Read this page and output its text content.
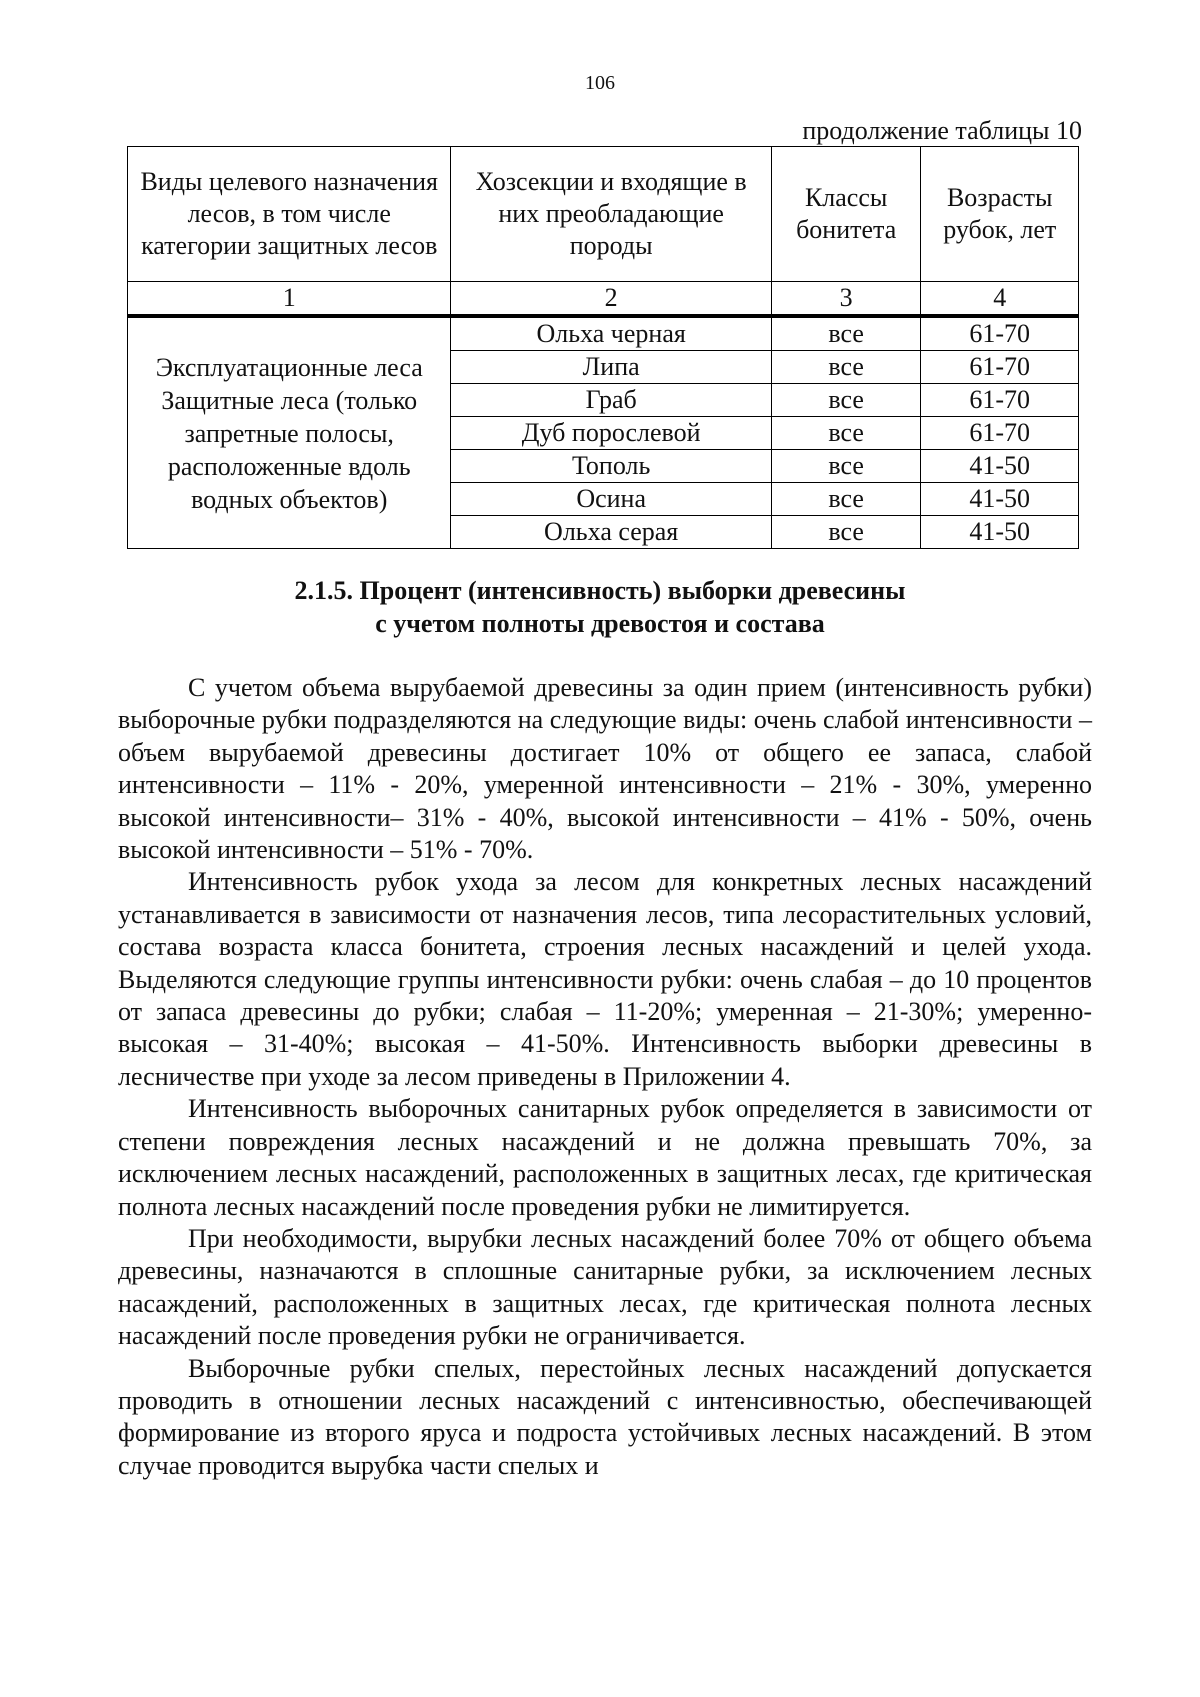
106
продолжение таблицы 10
Виды целевого назначения лесов, в том числе категории защитных лесов	Хозсекции и входящие в них преобладающие породы	Классы бонитета	Возрасты рубок, лет
1	2	3	4
Эксплуатационные леса Защитные леса (только запретные полосы, расположенные вдоль водных объектов)	Ольха черная	все	61-70
	Липа	все	61-70
	Граб	все	61-70
	Дуб порослевой	все	61-70
	Тополь	все	41-50
	Осина	все	41-50
	Ольха серая	все	41-50
2.1.5. Процент (интенсивность) выборки древесины
с учетом полноты древостоя и состава

С учетом объема вырубаемой древесины за один прием (интенсивность рубки) выборочные рубки подразделяются на следующие виды: очень слабой интенсивности – объем вырубаемой древесины достигает 10% от общего ее запаса, слабой интенсивности – 11% - 20%, умеренной интенсивности – 21% - 30%, умеренно высокой интенсивности– 31% - 40%, высокой интенсивности – 41% - 50%, очень высокой интенсивности – 51% - 70%.

Интенсивность рубок ухода за лесом для конкретных лесных насаждений устанавливается в зависимости от назначения лесов, типа лесорастительных условий, состава возраста класса бонитета, строения лесных насаждений и целей ухода. Выделяются следующие группы интенсивности рубки: очень слабая – до 10 процентов от запаса древесины до рубки; слабая – 11-20%; умеренная – 21-30%; умеренно-высокая – 31-40%; высокая – 41-50%. Интенсивность выборки древесины в лесничестве при уходе за лесом приведены в Приложении 4.

Интенсивность выборочных санитарных рубок определяется в зависимости от степени повреждения лесных насаждений и не должна превышать 70%, за исключением лесных насаждений, расположенных в защитных лесах, где критическая полнота лесных насаждений после проведения рубки не лимитируется.

При необходимости, вырубки лесных насаждений более 70% от общего объема древесины, назначаются в сплошные санитарные рубки, за исключением лесных насаждений, расположенных в защитных лесах, где критическая полнота лесных насаждений после проведения рубки не ограничивается.

Выборочные рубки спелых, перестойных лесных насаждений допускается проводить в отношении лесных насаждений с интенсивностью, обеспечивающей формирование из второго яруса и подроста устойчивых лесных насаждений. В этом случае проводится вырубка части спелых и
